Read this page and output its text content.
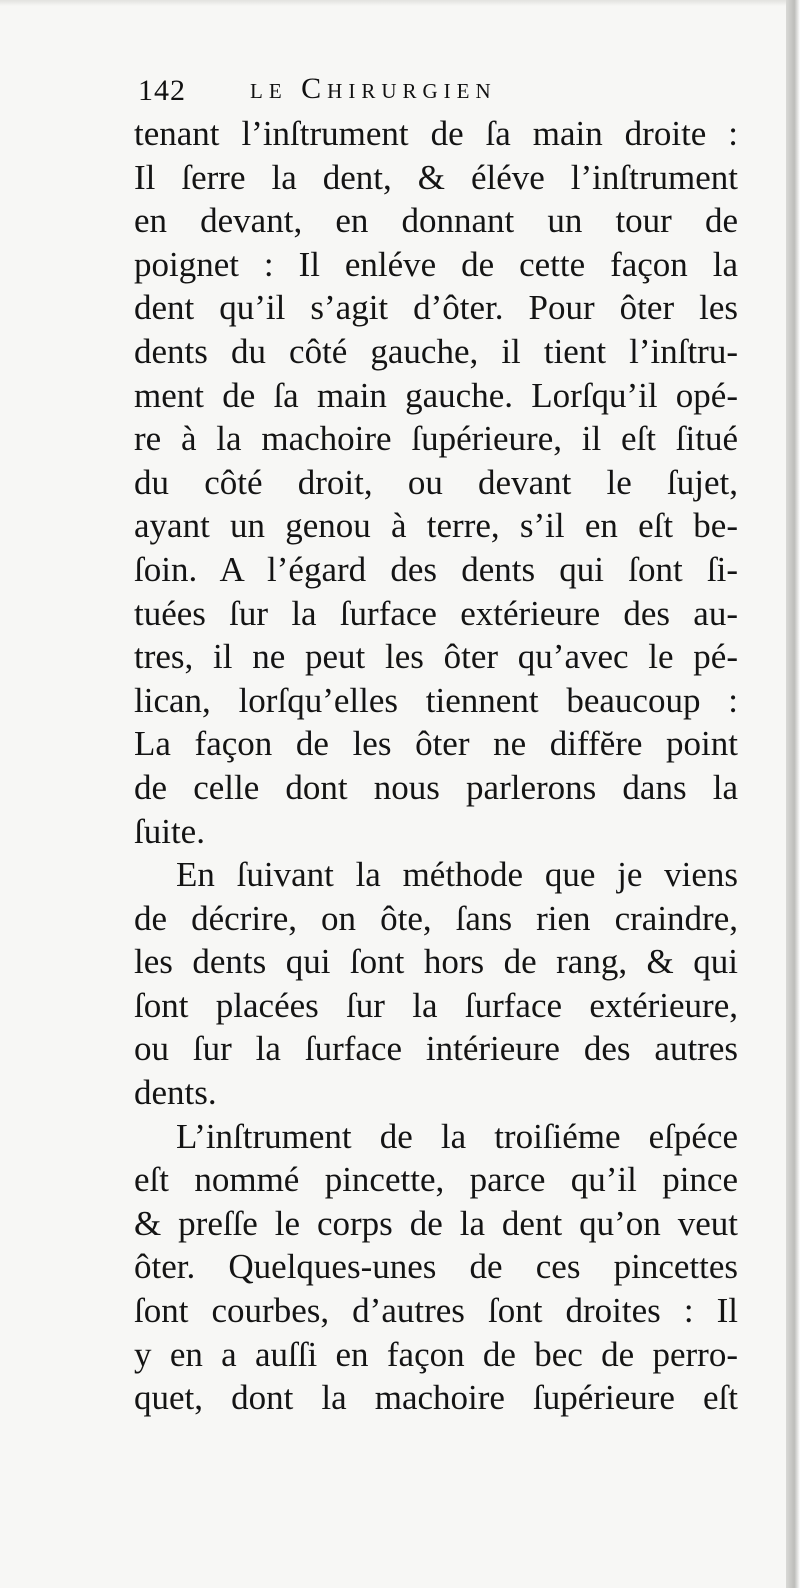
142 le Chirurgien
tenant l’inſtrument de ſa main droite :
Il ſerre la dent, & éléve l’inſtrument
en devant, en donnant un tour de
poignet : Il enléve de cette façon la
dent qu’il s’agit d’ôter. Pour ôter les
dents du côté gauche, il tient l’inſtru-
ment de ſa main gauche. Lorſqu’il opé-
re à la machoire ſupérieure, il eſt ſitué
du côté droit, ou devant le ſujet,
ayant un genou à terre, s’il en eſt be-
ſoin. A l’égard des dents qui ſont ſi-
tuées ſur la ſurface extérieure des au-
tres, il ne peut les ôter qu’avec le pé-
lican, lorſqu’elles tiennent beaucoup :
La façon de les ôter ne diffĕre point
de celle dont nous parlerons dans la
ſuite.
En ſuivant la méthode que je viens
de décrire, on ôte, ſans rien craindre,
les dents qui ſont hors de rang, & qui
ſont placées ſur la ſurface extérieure,
ou ſur la ſurface intérieure des autres
dents.
L’inſtrument de la troiſiéme eſpéce
eſt nommé pincette, parce qu’il pince
& preſſe le corps de la dent qu’on veut
ôter. Quelques-unes de ces pincettes
ſont courbes, d’autres ſont droites : Il
y en a auſſi en façon de bec de perro-
quet, dont la machoire ſupérieure eſt
